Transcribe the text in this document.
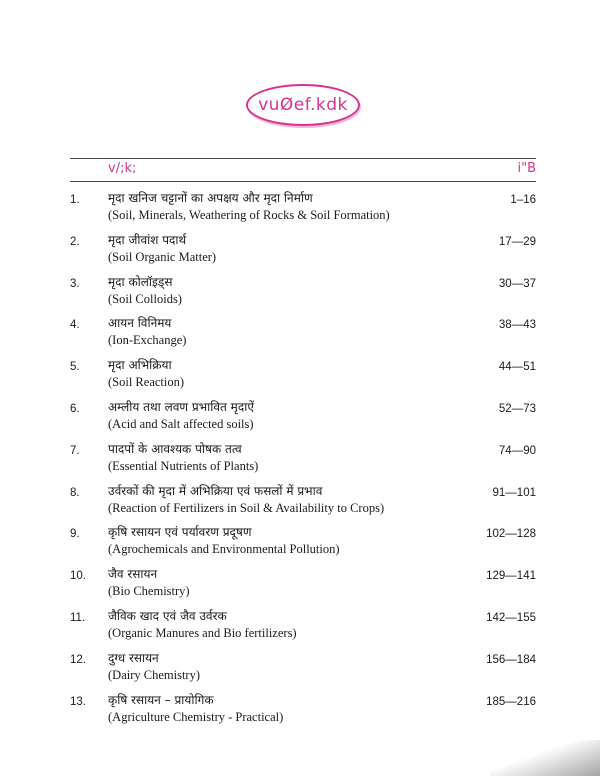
vuØef.kdk
v/;k;	i"B
1. मृदा खनिज चट्टानों का अपक्षय और मृदा निर्माण
(Soil, Minerals, Weathering of Rocks & Soil Formation)
1–16
2. मृदा जीवांश पदार्थ
(Soil Organic Matter)
17—29
3. मृदा कोलॉइड्स
(Soil Colloids)
30—37
4. आयन विनिमय
(Ion-Exchange)
38—43
5. मृदा अभिक्रिया
(Soil Reaction)
44—51
6. अम्लीय तथा लवण प्रभावित मृदाऐं
(Acid and Salt affected soils)
52—73
7. पादपों के आवश्यक पोषक तत्व
(Essential Nutrients of Plants)
74—90
8. उर्वरकों की मृदा में अभिक्रिया एवं फसलों में प्रभाव
(Reaction of Fertilizers in Soil & Availability to Crops)
91—101
9. कृषि रसायन एवं पर्यावरण प्रदूषण
(Agrochemicals and Environmental Pollution)
102—128
10. जैव रसायन
(Bio Chemistry)
129—141
11. जैविक खाद एवं जैव उर्वरक
(Organic Manures and Bio fertilizers)
142—155
12. दुग्ध रसायन
(Dairy Chemistry)
156—184
13. कृषि रसायन – प्रायोगिक
(Agriculture Chemistry - Practical)
185—216
